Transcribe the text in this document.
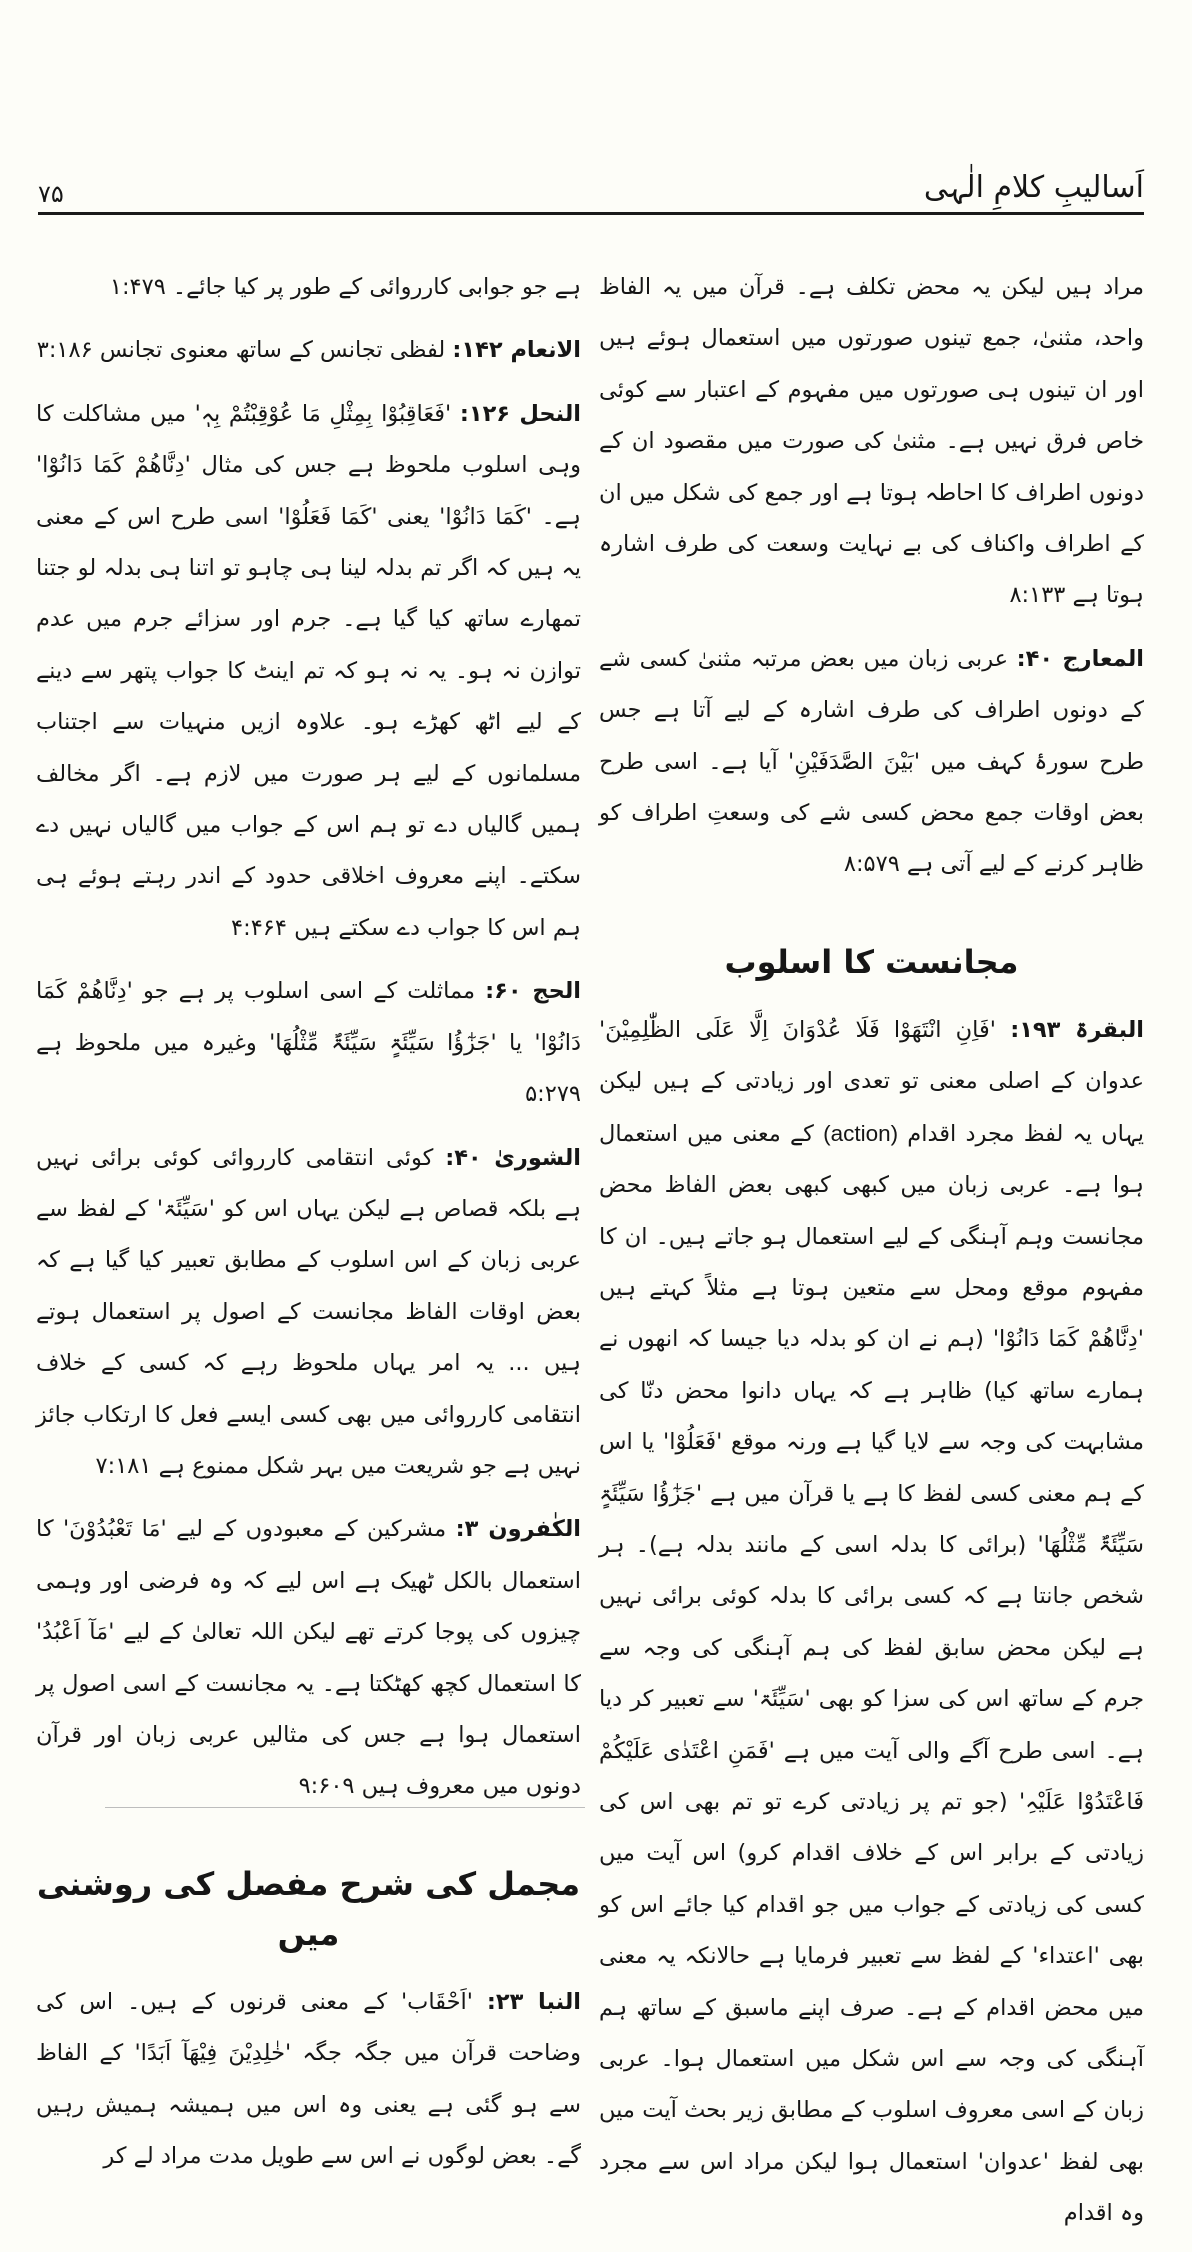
اَسالیبِ کلامِ الٰہی
۷۵

مراد ہیں لیکن یہ محض تکلف ہے۔ قرآن میں یہ الفاظ واحد، مثنیٰ، جمع تینوں صورتوں میں استعمال ہوئے ہیں اور ان تینوں ہی صورتوں میں مفہوم کے اعتبار سے کوئی خاص فرق نہیں ہے۔ مثنیٰ کی صورت میں مقصود ان کے دونوں اطراف کا احاطہ ہوتا ہے اور جمع کی شکل میں ان کے اطراف واکناف کی بے نہایت وسعت کی طرف اشارہ ہوتا ہے ۸:۱۳۳

المعارج ۴۰: عربی زبان میں بعض مرتبہ مثنیٰ کسی شے کے دونوں اطراف کی طرف اشارہ کے لیے آتا ہے جس طرح سورۂ کہف میں 'بَیْنَ الصَّدَفَیْنِ' آیا ہے۔ اسی طرح بعض اوقات جمع محض کسی شے کی وسعتِ اطراف کو ظاہر کرنے کے لیے آتی ہے ۸:۵۷۹

مجانست کا اسلوب

البقرۃ ۱۹۳: 'فَاِنِ انْتَھَوْا فَلَا عُدْوَانَ اِلَّا عَلَی الظّٰلِمِیْنَ' عدوان کے اصلی معنی تو تعدی اور زیادتی کے ہیں لیکن یہاں یہ لفظ مجرد اقدام (action) کے معنی میں استعمال ہوا ہے۔ عربی زبان میں کبھی کبھی بعض الفاظ محض مجانست وہم آہنگی کے لیے استعمال ہو جاتے ہیں۔ ان کا مفہوم موقع ومحل سے متعین ہوتا ہے مثلاً کہتے ہیں 'دِنَّاھُمْ کَمَا دَانُوْا' (ہم نے ان کو بدلہ دیا جیسا کہ انھوں نے ہمارے ساتھ کیا) ظاہر ہے کہ یہاں دانوا محض دنّا کی مشابہت کی وجہ سے لایا گیا ہے ورنہ موقع 'فَعَلُوْا' یا اس کے ہم معنی کسی لفظ کا ہے یا قرآن میں ہے 'جَزٰٓؤُا سَیِّئَۃٍ سَیِّئَۃٌ مِّثْلُھَا' (برائی کا بدلہ اسی کے مانند بدلہ ہے)۔ ہر شخص جانتا ہے کہ کسی برائی کا بدلہ کوئی برائی نہیں ہے لیکن محض سابق لفظ کی ہم آہنگی کی وجہ سے جرم کے ساتھ اس کی سزا کو بھی 'سَیِّئَۃ' سے تعبیر کر دیا ہے۔ اسی طرح آگے والی آیت میں ہے 'فَمَنِ اعْتَدٰی عَلَیْکُمْ فَاعْتَدُوْا عَلَیْہِ' (جو تم پر زیادتی کرے تو تم بھی اس کی زیادتی کے برابر اس کے خلاف اقدام کرو) اس آیت میں کسی کی زیادتی کے جواب میں جو اقدام کیا جائے اس کو بھی 'اعتداء' کے لفظ سے تعبیر فرمایا ہے حالانکہ یہ معنی میں محض اقدام کے ہے۔ صرف اپنے ماسبق کے ساتھ ہم آہنگی کی وجہ سے اس شکل میں استعمال ہوا۔ عربی زبان کے اسی معروف اسلوب کے مطابق زیر بحث آیت میں بھی لفظ 'عدوان' استعمال ہوا لیکن مراد اس سے مجرد وہ اقدام

ہے جو جوابی کارروائی کے طور پر کیا جائے۔ ۱:۴۷۹

الانعام ۱۴۲: لفظی تجانس کے ساتھ معنوی تجانس ۳:۱۸۶

النحل ۱۲۶: 'فَعَاقِبُوْا بِمِثْلِ مَا عُوْقِبْتُمْ بِہٖ' میں مشاکلت کا وہی اسلوب ملحوظ ہے جس کی مثال 'دِنَّاھُمْ کَمَا دَانُوْا' ہے۔ 'کَمَا دَانُوْا' یعنی 'کَمَا فَعَلُوْا' اسی طرح اس کے معنی یہ ہیں کہ اگر تم بدلہ لینا ہی چاہو تو اتنا ہی بدلہ لو جتنا تمھارے ساتھ کیا گیا ہے۔ جرم اور سزائے جرم میں عدم توازن نہ ہو۔ یہ نہ ہو کہ تم اینٹ کا جواب پتھر سے دینے کے لیے اٹھ کھڑے ہو۔ علاوہ ازیں منہیات سے اجتناب مسلمانوں کے لیے ہر صورت میں لازم ہے۔ اگر مخالف ہمیں گالیاں دے تو ہم اس کے جواب میں گالیاں نہیں دے سکتے۔ اپنے معروف اخلاقی حدود کے اندر رہتے ہوئے ہی ہم اس کا جواب دے سکتے ہیں ۴:۴۶۴

الحج ۶۰: مماثلت کے اسی اسلوب پر ہے جو 'دِنَّاھُمْ کَمَا دَانُوْا' یا 'جَزٰٓؤُا سَیِّئَۃٍ سَیِّئَۃٌ مِّثْلُھَا' وغیرہ میں ملحوظ ہے ۵:۲۷۹

الشوریٰ ۴۰: کوئی انتقامی کارروائی کوئی برائی نہیں ہے بلکہ قصاص ہے لیکن یہاں اس کو 'سَیِّئَۃ' کے لفظ سے عربی زبان کے اس اسلوب کے مطابق تعبیر کیا گیا ہے کہ بعض اوقات الفاظ مجانست کے اصول پر استعمال ہوتے ہیں ... یہ امر یہاں ملحوظ رہے کہ کسی کے خلاف انتقامی کارروائی میں بھی کسی ایسے فعل کا ارتکاب جائز نہیں ہے جو شریعت میں بہر شکل ممنوع ہے ۷:۱۸۱

الکٰفرون ۳: مشرکین کے معبودوں کے لیے 'مَا تَعْبُدُوْنَ' کا استعمال بالکل ٹھیک ہے اس لیے کہ وہ فرضی اور وہمی چیزوں کی پوجا کرتے تھے لیکن اللہ تعالیٰ کے لیے 'مَآ اَعْبُدُ' کا استعمال کچھ کھٹکتا ہے۔ یہ مجانست کے اسی اصول پر استعمال ہوا ہے جس کی مثالیں عربی زبان اور قرآن دونوں میں معروف ہیں ۹:۶۰۹

مجمل کی شرح مفصل کی روشنی میں

النبا ۲۳: 'اَحْقَاب' کے معنی قرنوں کے ہیں۔ اس کی وضاحت قرآن میں جگہ جگہ 'خٰلِدِیْنَ فِیْھَآ اَبَدًا' کے الفاظ سے ہو گئی ہے یعنی وہ اس میں ہمیشہ ہمیش رہیں گے۔ بعض لوگوں نے اس سے طویل مدت مراد لے کر
